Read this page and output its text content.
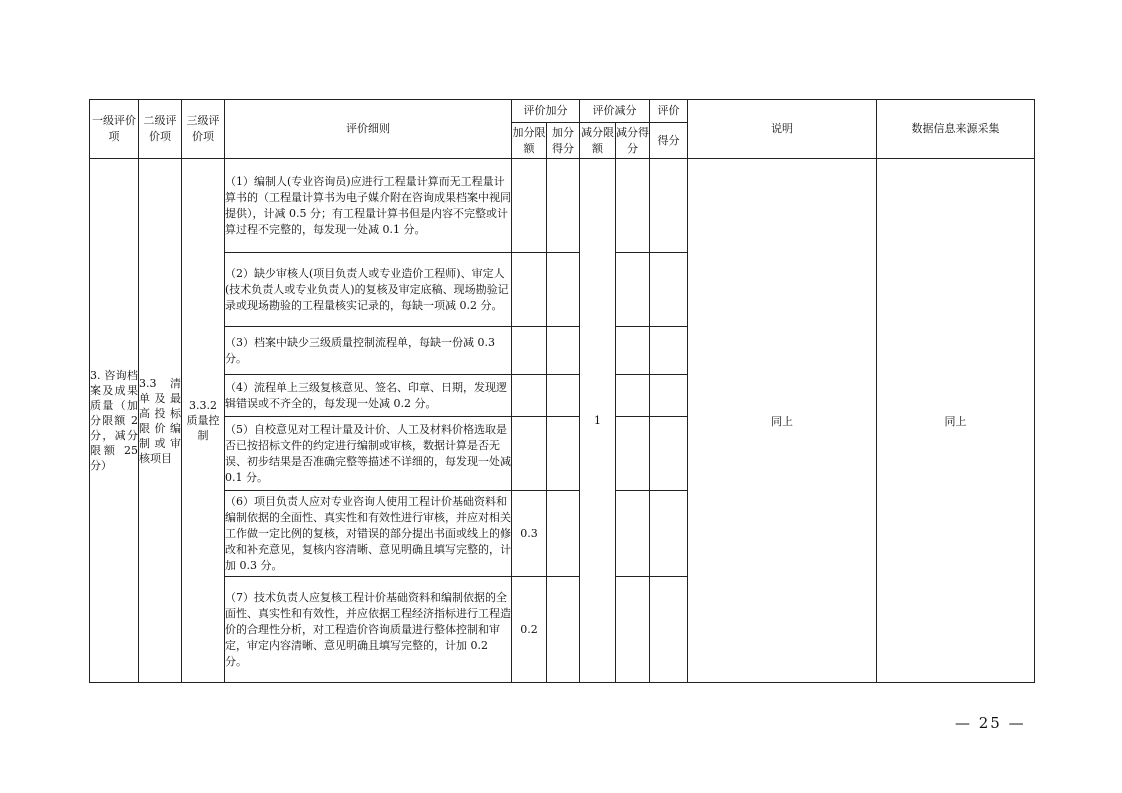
一级评价项	二级评价项	三级评价项	评价细则	评价加分		评价减分		评价	说明	数据信息来源采集
				加分限额	加分得分	减分限额	减分得分	得分		
3. 咨询档案及成果质量（加分限额 2 分，减分限额 25 分）	3.3 清单及最高投标限价编制或审核项目	3.3.2 质量控制	（1）编制人(专业咨询员)应进行工程量计算而无工程量计算书的（工程量计算书为电子媒介附在咨询成果档案中视同提供），计减 0.5 分；有工程量计算书但是内容不完整或计算过程不完整的，每发现一处减 0.1 分。			1			同上	同上
			（2）缺少审核人(项目负责人或专业造价工程师)、审定人(技术负责人或专业负责人)的复核及审定底稿、现场勘验记录或现场勘验的工程量核实记录的，每缺一项减 0.2 分。							
			（3）档案中缺少三级质量控制流程单，每缺一份减 0.3 分。							
			（4）流程单上三级复核意见、签名、印章、日期，发现逻辑错误或不齐全的，每发现一处减 0.2 分。							
			（5）自校意见对工程计量及计价、人工及材料价格选取是否已按招标文件的约定进行编制或审核，数据计算是否无误、初步结果是否准确完整等描述不详细的，每发现一处减 0.1 分。							
			（6）项目负责人应对专业咨询人使用工程计价基础资料和编制依据的全面性、真实性和有效性进行审核，并应对相关工作做一定比例的复核，对错误的部分提出书面或线上的修改和补充意见，复核内容清晰、意见明确且填写完整的，计加 0.3 分。	0.3						
			（7）技术负责人应复核工程计价基础资料和编制依据的全面性、真实性和有效性，并应依据工程经济指标进行工程造价的合理性分析，对工程造价咨询质量进行整体控制和审定，审定内容清晰、意见明确且填写完整的，计加 0.2 分。	0.2						
— 25 —
